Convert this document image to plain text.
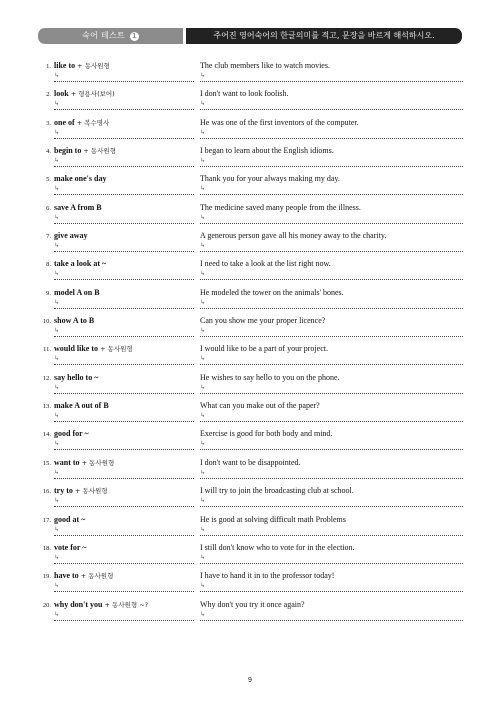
숙어 테스트 1	주어진 영어숙어의 한글의미를 적고, 문장을 바르게 해석하시오.
1. like to + 동사원형	The club members like to watch movies.
↳	↳
2. look + 형용사(보어)	I don't want to look foolish.
↳	↳
3. one of + 복수명사	He was one of the first inventors of the computer.
↳	↳
4. begin to + 동사원형	I began to learn about the English idioms.
↳	↳
5. make one's day	Thank you for your always making my day.
↳	↳
6. save A from B	The medicine saved many people from the illness.
↳	↳
7. give away	A generous person gave all his money away to the charity.
↳	↳
8. take a look at ~	I need to take a look at the list right now.
↳	↳
9. model A on B	He modeled the tower on the animals' bones.
↳	↳
10. show A to B	Can you show me your proper licence?
↳	↳
11. would like to + 동사원형	I would like to be a part of your project.
↳	↳
12. say hello to ~	He wishes to say hello to you on the phone.
↳	↳
13. make A out of B	What can you make out of the paper?
↳	↳
14. good for ~	Exercise is good for both body and mind.
↳	↳
15. want to + 동사원형	I don't want to be disappointed.
↳	↳
16. try to + 동사원형	I will try to join the broadcasting club at school.
↳	↳
17. good at ~	He is good at solving difficult math Problems
↳	↳
18. vote for ~	I still don't know who to vote for in the election.
↳	↳
19. have to + 동사원형	I have to hand it in to the professor today!
↳	↳
20. why don't you + 동사원형 ~?	Why don't you try it once again?
↳	↳
9
